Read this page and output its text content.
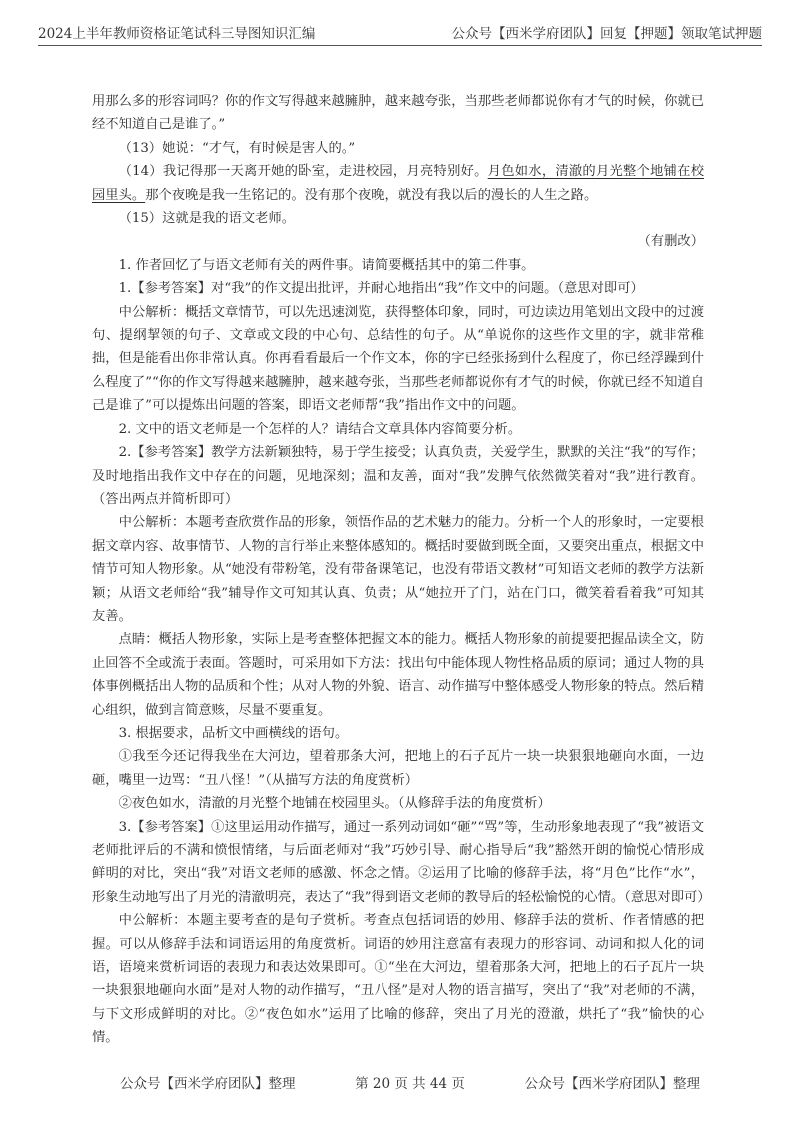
2024上半年教师资格证笔试科三导图知识汇编	公众号【西米学府团队】回复【押题】领取笔试押题

用那么多的形容词吗？你的作文写得越来越臃肿，越来越夸张，当那些老师都说你有才气的时候，你就已经不知道自己是谁了。”

（13）她说：“才气，有时候是害人的。”

（14）我记得那一天离开她的卧室，走进校园，月亮特别好。月色如水，清澈的月光整个地铺在校园里头。那个夜晚是我一生铭记的。没有那个夜晚，就没有我以后的漫长的人生之路。

（15）这就是我的语文老师。

（有删改）

1. 作者回忆了与语文老师有关的两件事。请简要概括其中的第二件事。

1.【参考答案】对“我”的作文提出批评，并耐心地指出“我”作文中的问题。（意思对即可）

中公解析：概括文章情节，可以先迅速浏览，获得整体印象，同时，可边读边用笔划出文段中的过渡句、提纲挈领的句子、文章或文段的中心句、总结性的句子。从“单说你的这些作文里的字，就非常稚拙，但是能看出你非常认真。你再看看最后一个作文本，你的字已经张扬到什么程度了，你已经浮躁到什么程度了”“你的作文写得越来越臃肿，越来越夸张，当那些老师都说你有才气的时候，你就已经不知道自己是谁了”可以提炼出问题的答案，即语文老师帮“我”指出作文中的问题。

2. 文中的语文老师是一个怎样的人？请结合文章具体内容简要分析。

2.【参考答案】教学方法新颖独特，易于学生接受；认真负责，关爱学生，默默的关注“我”的写作；及时地指出我作文中存在的问题，见地深刻；温和友善，面对“我”发脾气依然微笑着对“我”进行教育。（答出两点并简析即可）

中公解析：本题考查欣赏作品的形象，领悟作品的艺术魅力的能力。分析一个人的形象时，一定要根据文章内容、故事情节、人物的言行举止来整体感知的。概括时要做到既全面，又要突出重点，根据文中情节可知人物形象。从“她没有带粉笔，没有带备课笔记，也没有带语文教材”可知语文老师的教学方法新颖；从语文老师给“我”辅导作文可知其认真、负责；从“她拉开了门，站在门口，微笑着看着我”可知其友善。

点睛：概括人物形象，实际上是考查整体把握文本的能力。概括人物形象的前提要把握品读全文，防止回答不全或流于表面。答题时，可采用如下方法：找出句中能体现人物性格品质的原词；通过人物的具体事例概括出人物的品质和个性；从对人物的外貌、语言、动作描写中整体感受人物形象的特点。然后精心组织，做到言简意赅，尽量不要重复。

3. 根据要求，品析文中画横线的语句。

①我至今还记得我坐在大河边，望着那条大河，把地上的石子瓦片一块一块狠狠地砸向水面，一边砸，嘴里一边骂：“丑八怪！”（从描写方法的角度赏析）

②夜色如水，清澈的月光整个地铺在校园里头。（从修辞手法的角度赏析）

3.【参考答案】①这里运用动作描写，通过一系列动词如“砸”“骂”等，生动形象地表现了“我”被语文老师批评后的不满和愤恨情绪，与后面老师对“我”巧妙引导、耐心指导后“我”豁然开朗的愉悦心情形成鲜明的对比，突出“我”对语文老师的感激、怀念之情。②运用了比喻的修辞手法，将“月色”比作“水”，形象生动地写出了月光的清澈明亮，表达了“我”得到语文老师的教导后的轻松愉悦的心情。（意思对即可）

中公解析：本题主要考查的是句子赏析。考查点包括词语的妙用、修辞手法的赏析、作者情感的把握。可以从修辞手法和词语运用的角度赏析。词语的妙用注意富有表现力的形容词、动词和拟人化的词语，语境来赏析词语的表现力和表达效果即可。①“坐在大河边，望着那条大河，把地上的石子瓦片一块一块狠狠地砸向水面”是对人物的动作描写，“丑八怪”是对人物的语言描写，突出了“我”对老师的不满，与下文形成鲜明的对比。②“夜色如水”运用了比喻的修辞，突出了月光的澄澈，烘托了“我”愉快的心情。

公众号【西米学府团队】整理	第 20 页 共 44 页	公众号【西米学府团队】整理
